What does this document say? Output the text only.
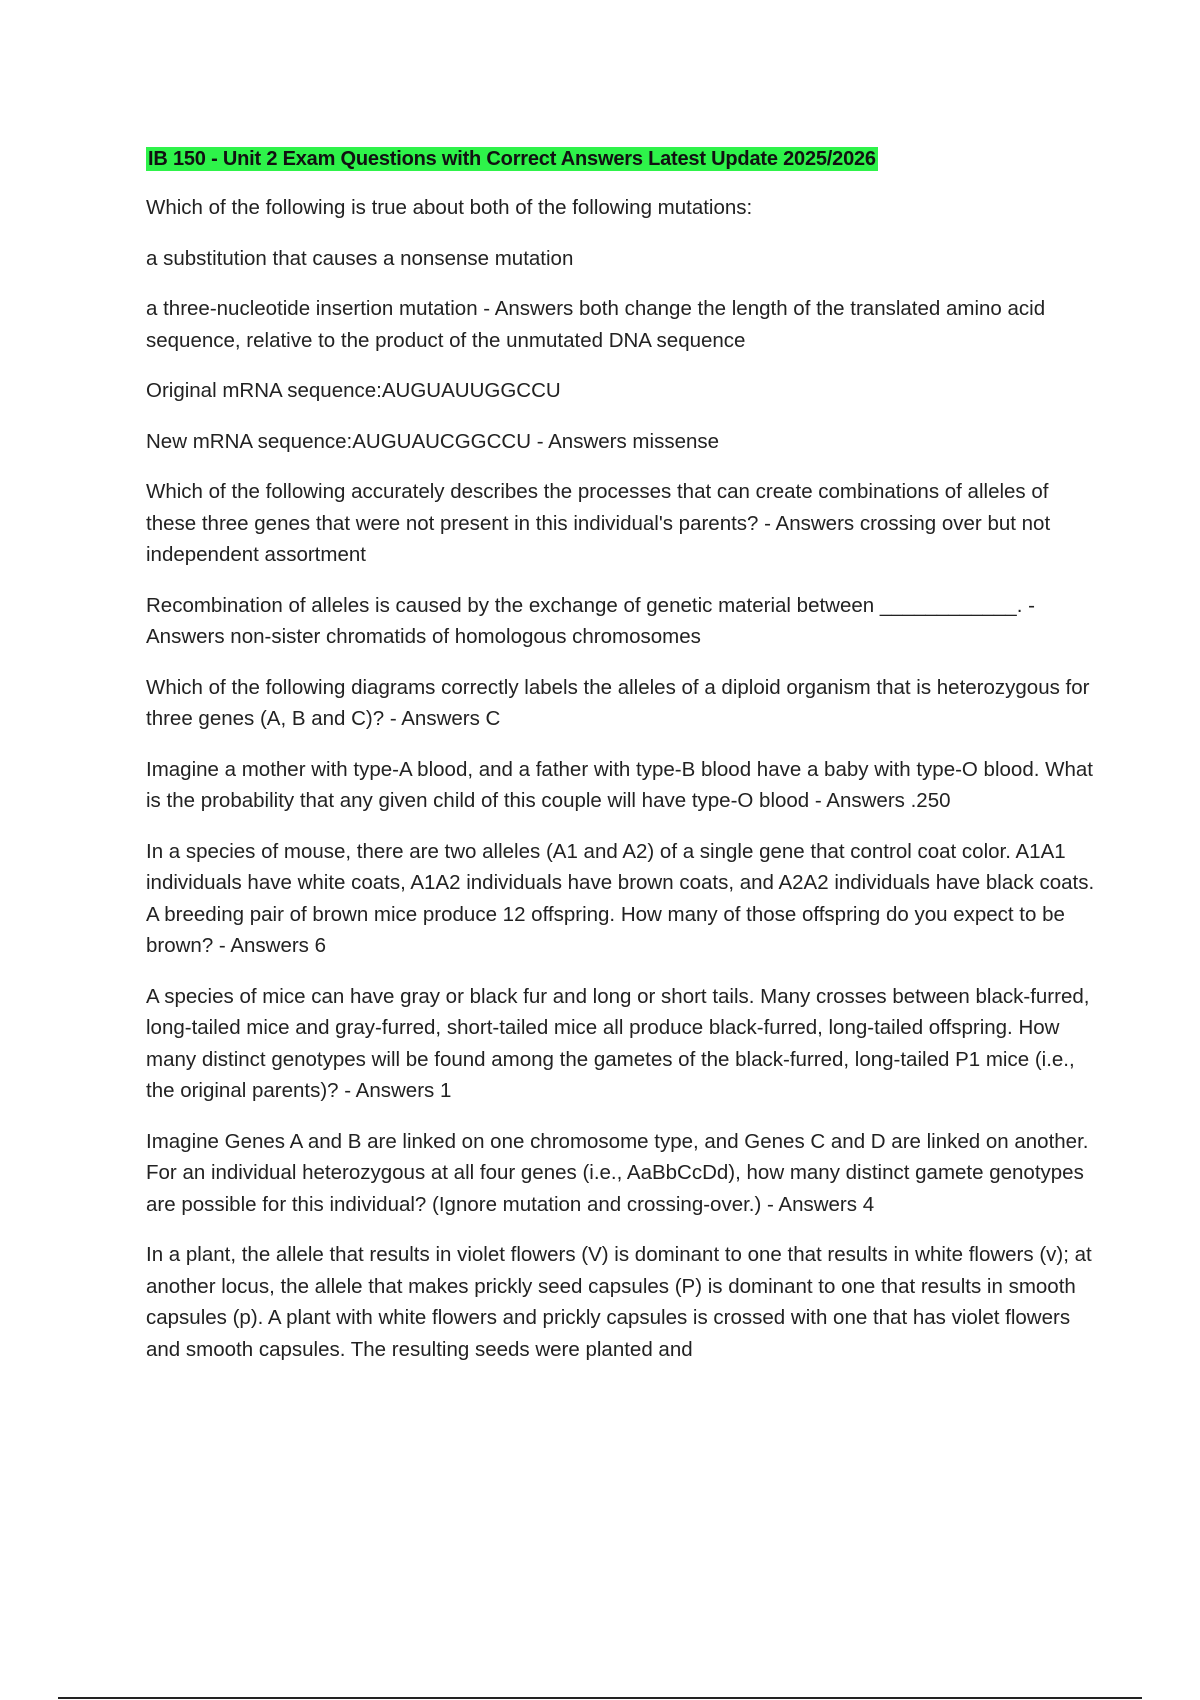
IB 150 - Unit 2 Exam Questions with Correct Answers Latest Update 2025/2026

Which of the following is true about both of the following mutations:

a substitution that causes a nonsense mutation

a three-nucleotide insertion mutation - Answers both change the length of the translated amino acid sequence, relative to the product of the unmutated DNA sequence

Original mRNA sequence:AUGUAUUGGCCU

New mRNA sequence:AUGUAUCGGCCU - Answers missense

Which of the following accurately describes the processes that can create combinations of alleles of these three genes that were not present in this individual's parents? - Answers crossing over but not independent assortment

Recombination of alleles is caused by the exchange of genetic material between ____________. - Answers non-sister chromatids of homologous chromosomes

Which of the following diagrams correctly labels the alleles of a diploid organism that is heterozygous for three genes (A, B and C)? - Answers C

Imagine a mother with type-A blood, and a father with type-B blood have a baby with type-O blood. What is the probability that any given child of this couple will have type-O blood - Answers .250

In a species of mouse, there are two alleles (A1 and A2) of a single gene that control coat color. A1A1 individuals have white coats, A1A2 individuals have brown coats, and A2A2 individuals have black coats. A breeding pair of brown mice produce 12 offspring. How many of those offspring do you expect to be brown? - Answers 6

A species of mice can have gray or black fur and long or short tails. Many crosses between black-furred, long-tailed mice and gray-furred, short-tailed mice all produce black-furred, long-tailed offspring. How many distinct genotypes will be found among the gametes of the black-furred, long-tailed P1 mice (i.e., the original parents)? - Answers 1

Imagine Genes A and B are linked on one chromosome type, and Genes C and D are linked on another. For an individual heterozygous at all four genes (i.e., AaBbCcDd), how many distinct gamete genotypes are possible for this individual? (Ignore mutation and crossing-over.) - Answers 4

In a plant, the allele that results in violet flowers (V) is dominant to one that results in white flowers (v); at another locus, the allele that makes prickly seed capsules (P) is dominant to one that results in smooth capsules (p). A plant with white flowers and prickly capsules is crossed with one that has violet flowers and smooth capsules. The resulting seeds were planted and
